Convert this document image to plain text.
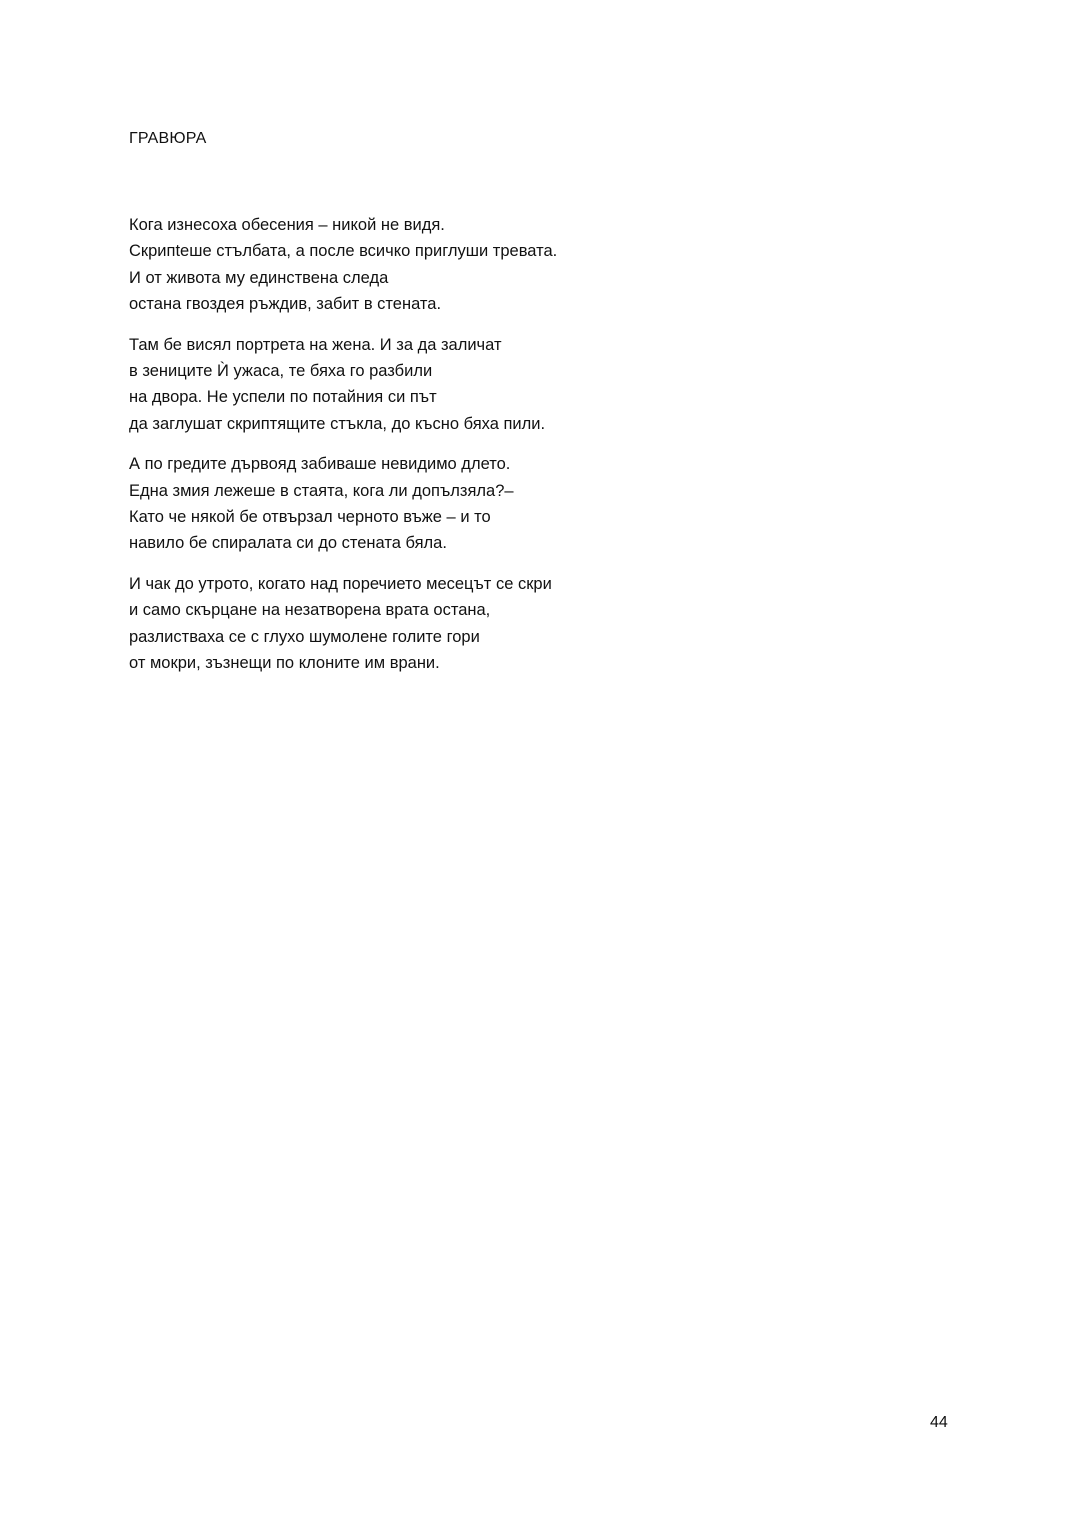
ГРАВЮРА
Кога изнесоха обесения – никой не видя.
Скрипteше стълбата, а после всичко приглуши тревата.
И от живота му единствена следа
остана гвоздея ръждив, забит в стената.
Там бе висял портрета на жена. И за да заличат
в зениците Ѝ ужаса, те бяха го разбили
на двора. Не успели по потайния си път
да заглушат скриптящите стъкла, до късно бяха пили.
А по гредите дървояд забиваше невидимо длето.
Една змия лежеше в стаята, кога ли допълзяла?–
Като че някой бе отвързал черното въже – и то
навило бе спиралата си до стената бяла.
И чак до утрото, когато над поречието месецът се скри
и само скърцане на незатворена врата остана,
разлистваха се с глухо шумолене голите гори
от мокри, зъзнещи по клоните им врани.
44
